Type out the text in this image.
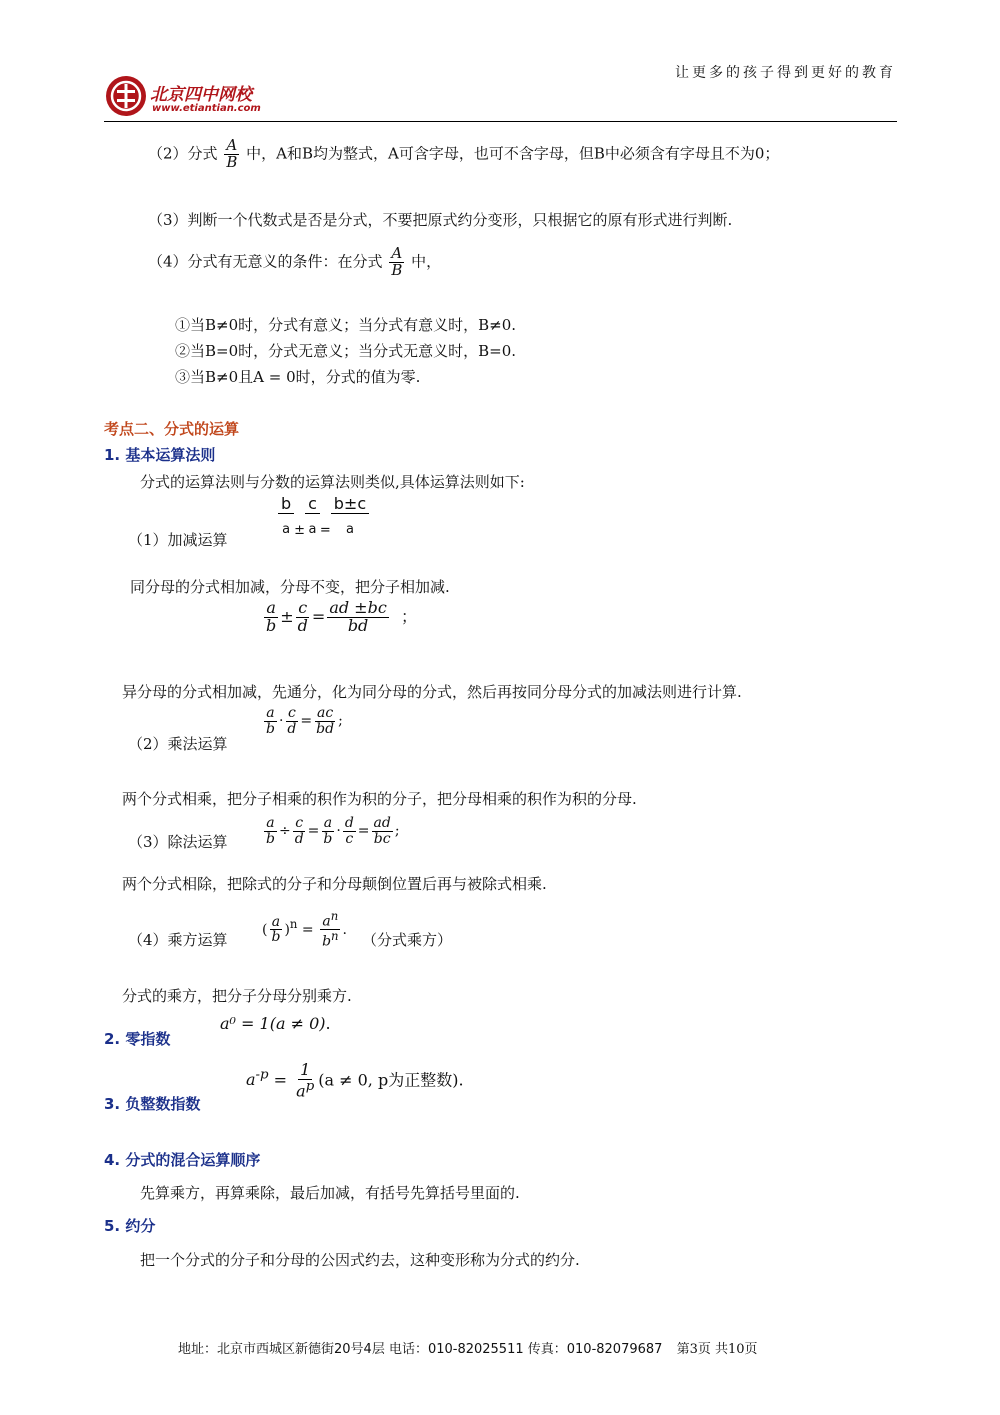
让更多的孩子得到更好的教育
北京四中网校
www.etiantian.com
（2）分式 $\frac{A}{B}$ 中，A和B均为整式，A可含字母，也可不含字母，但B中必须含有字母且不为0；
（3）判断一个代数式是否是分式，不要把原式约分变形，只根据它的原有形式进行判断.
（4）分式有无意义的条件：在分式 $\frac{A}{B}$ 中，
①当B≠0时，分式有意义；当分式有意义时，B≠0.
②当B=0时，分式无意义；当分式无意义时，B=0.
③当B≠0且A = 0时，分式的值为零.
考点二、分式的运算
1. 基本运算法则
分式的运算法则与分数的运算法则类似,具体运算法则如下:
（1）加减运算
b
a $_\pm$
c
a $_=$
b±c
a
同分母的分式相加减，分母不变，把分子相加减.
$\frac{a}{b} \pm \frac{c}{d} = \frac{ad \pm bc}{bd}$ ；
异分母的分式相加减，先通分，化为同分母的分式，然后再按同分母分式的加减法则进行计算.
（2）乘法运算
$\frac{a}{b} \cdot \frac{c}{d} = \frac{ac}{bd}$ ;
两个分式相乘，把分子相乘的积作为积的分子，把分母相乘的积作为积的分母.
（3）除法运算	$\frac{a}{b} \div \frac{c}{d} = \frac{a}{b} \cdot \frac{d}{c} = \frac{ad}{bc}$ ;
两个分式相除，把除式的分子和分母颠倒位置后再与被除式相乘.
（4）乘方运算
( $\frac{a}{b} )^n = \frac{a^n}{b^n}$ .
（分式乘方）
分式的乘方，把分子分母分别乘方.
2. 零指数
a⁰ = 1(a ≠ 0).
3. 负整数指数
$a^{-p} = \frac{1}{a^p} (a \ne 0$, p为正整数).
4. 分式的混合运算顺序
先算乘方，再算乘除，最后加减，有括号先算括号里面的.
5. 约分
把一个分式的分子和分母的公因式约去，这种变形称为分式的约分.
地址：北京市西城区新德街20号4层 电话：010-82025511 传真：010-82079687 第3页 共10页
